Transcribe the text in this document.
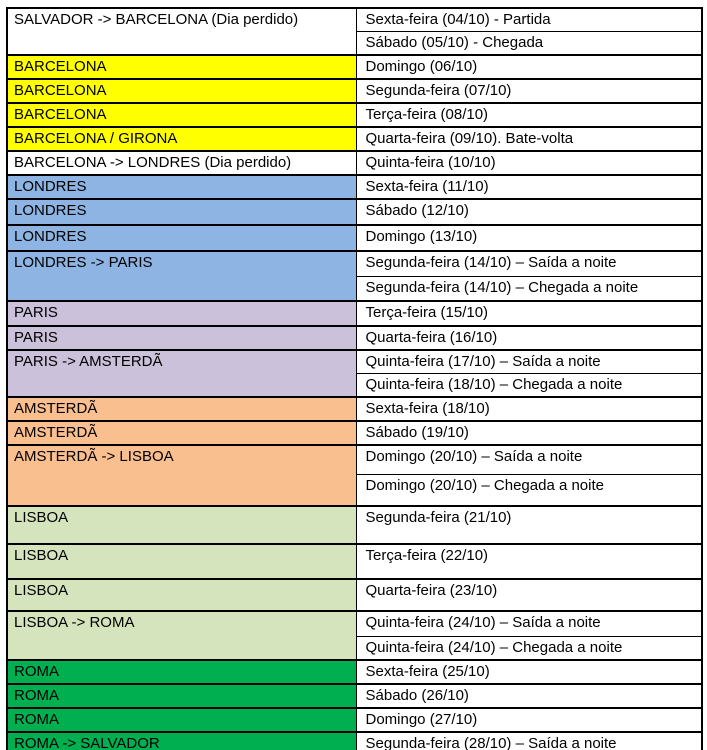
SALVADOR -> BARCELONA (Dia perdido)	Sexta-feira (04/10) - Partida
	Sábado (05/10) - Chegada
BARCELONA	Domingo (06/10)
BARCELONA	Segunda-feira (07/10)
BARCELONA	Terça-feira (08/10)
BARCELONA / GIRONA	Quarta-feira (09/10). Bate-volta
BARCELONA -> LONDRES (Dia perdido)	Quinta-feira (10/10)
LONDRES	Sexta-feira (11/10)
LONDRES	Sábado (12/10)
LONDRES	Domingo (13/10)
LONDRES -> PARIS	Segunda-feira (14/10) – Saída a noite
	Segunda-feira (14/10) – Chegada a noite
PARIS	Terça-feira (15/10)
PARIS	Quarta-feira (16/10)
PARIS -> AMSTERDÃ	Quinta-feira (17/10) – Saída a noite
	Quinta-feira (18/10) – Chegada a noite
AMSTERDÃ	Sexta-feira (18/10)
AMSTERDÃ	Sábado (19/10)
AMSTERDÃ -> LISBOA	Domingo (20/10) – Saída a noite
	Domingo (20/10) – Chegada a noite
LISBOA	Segunda-feira (21/10)
LISBOA	Terça-feira (22/10)
LISBOA	Quarta-feira (23/10)
LISBOA -> ROMA	Quinta-feira (24/10) – Saída a noite
	Quinta-feira (24/10) – Chegada a noite
ROMA	Sexta-feira (25/10)
ROMA	Sábado (26/10)
ROMA	Domingo (27/10)
ROMA -> SALVADOR	Segunda-feira (28/10) – Saída a noite
